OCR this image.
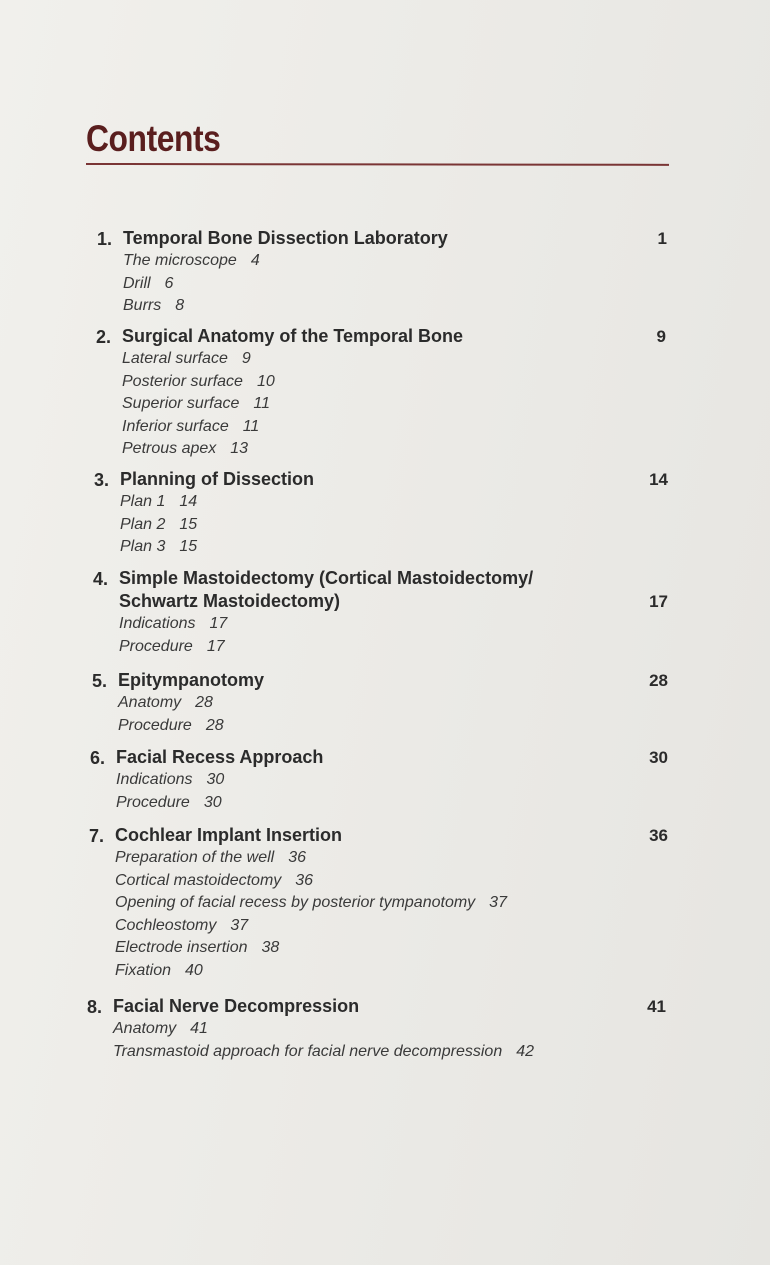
Contents
1. Temporal Bone Dissection Laboratory	1
The microscope 4
Drill 6
Burrs 8
2. Surgical Anatomy of the Temporal Bone	9
Lateral surface 9
Posterior surface 10
Superior surface 11
Inferior surface 11
Petrous apex 13
3. Planning of Dissection	14
Plan 1 14
Plan 2 15
Plan 3 15
4. Simple Mastoidectomy (Cortical Mastoidectomy/
Schwartz Mastoidectomy)	17
Indications 17
Procedure 17
5. Epitympanotomy	28
Anatomy 28
Procedure 28
6. Facial Recess Approach	30
Indications 30
Procedure 30
7. Cochlear Implant Insertion	36
Preparation of the well 36
Cortical mastoidectomy 36
Opening of facial recess by posterior tympanotomy 37
Cochleostomy 37
Electrode insertion 38
Fixation 40
8. Facial Nerve Decompression	41
Anatomy 41
Transmastoid approach for facial nerve decompression 42
